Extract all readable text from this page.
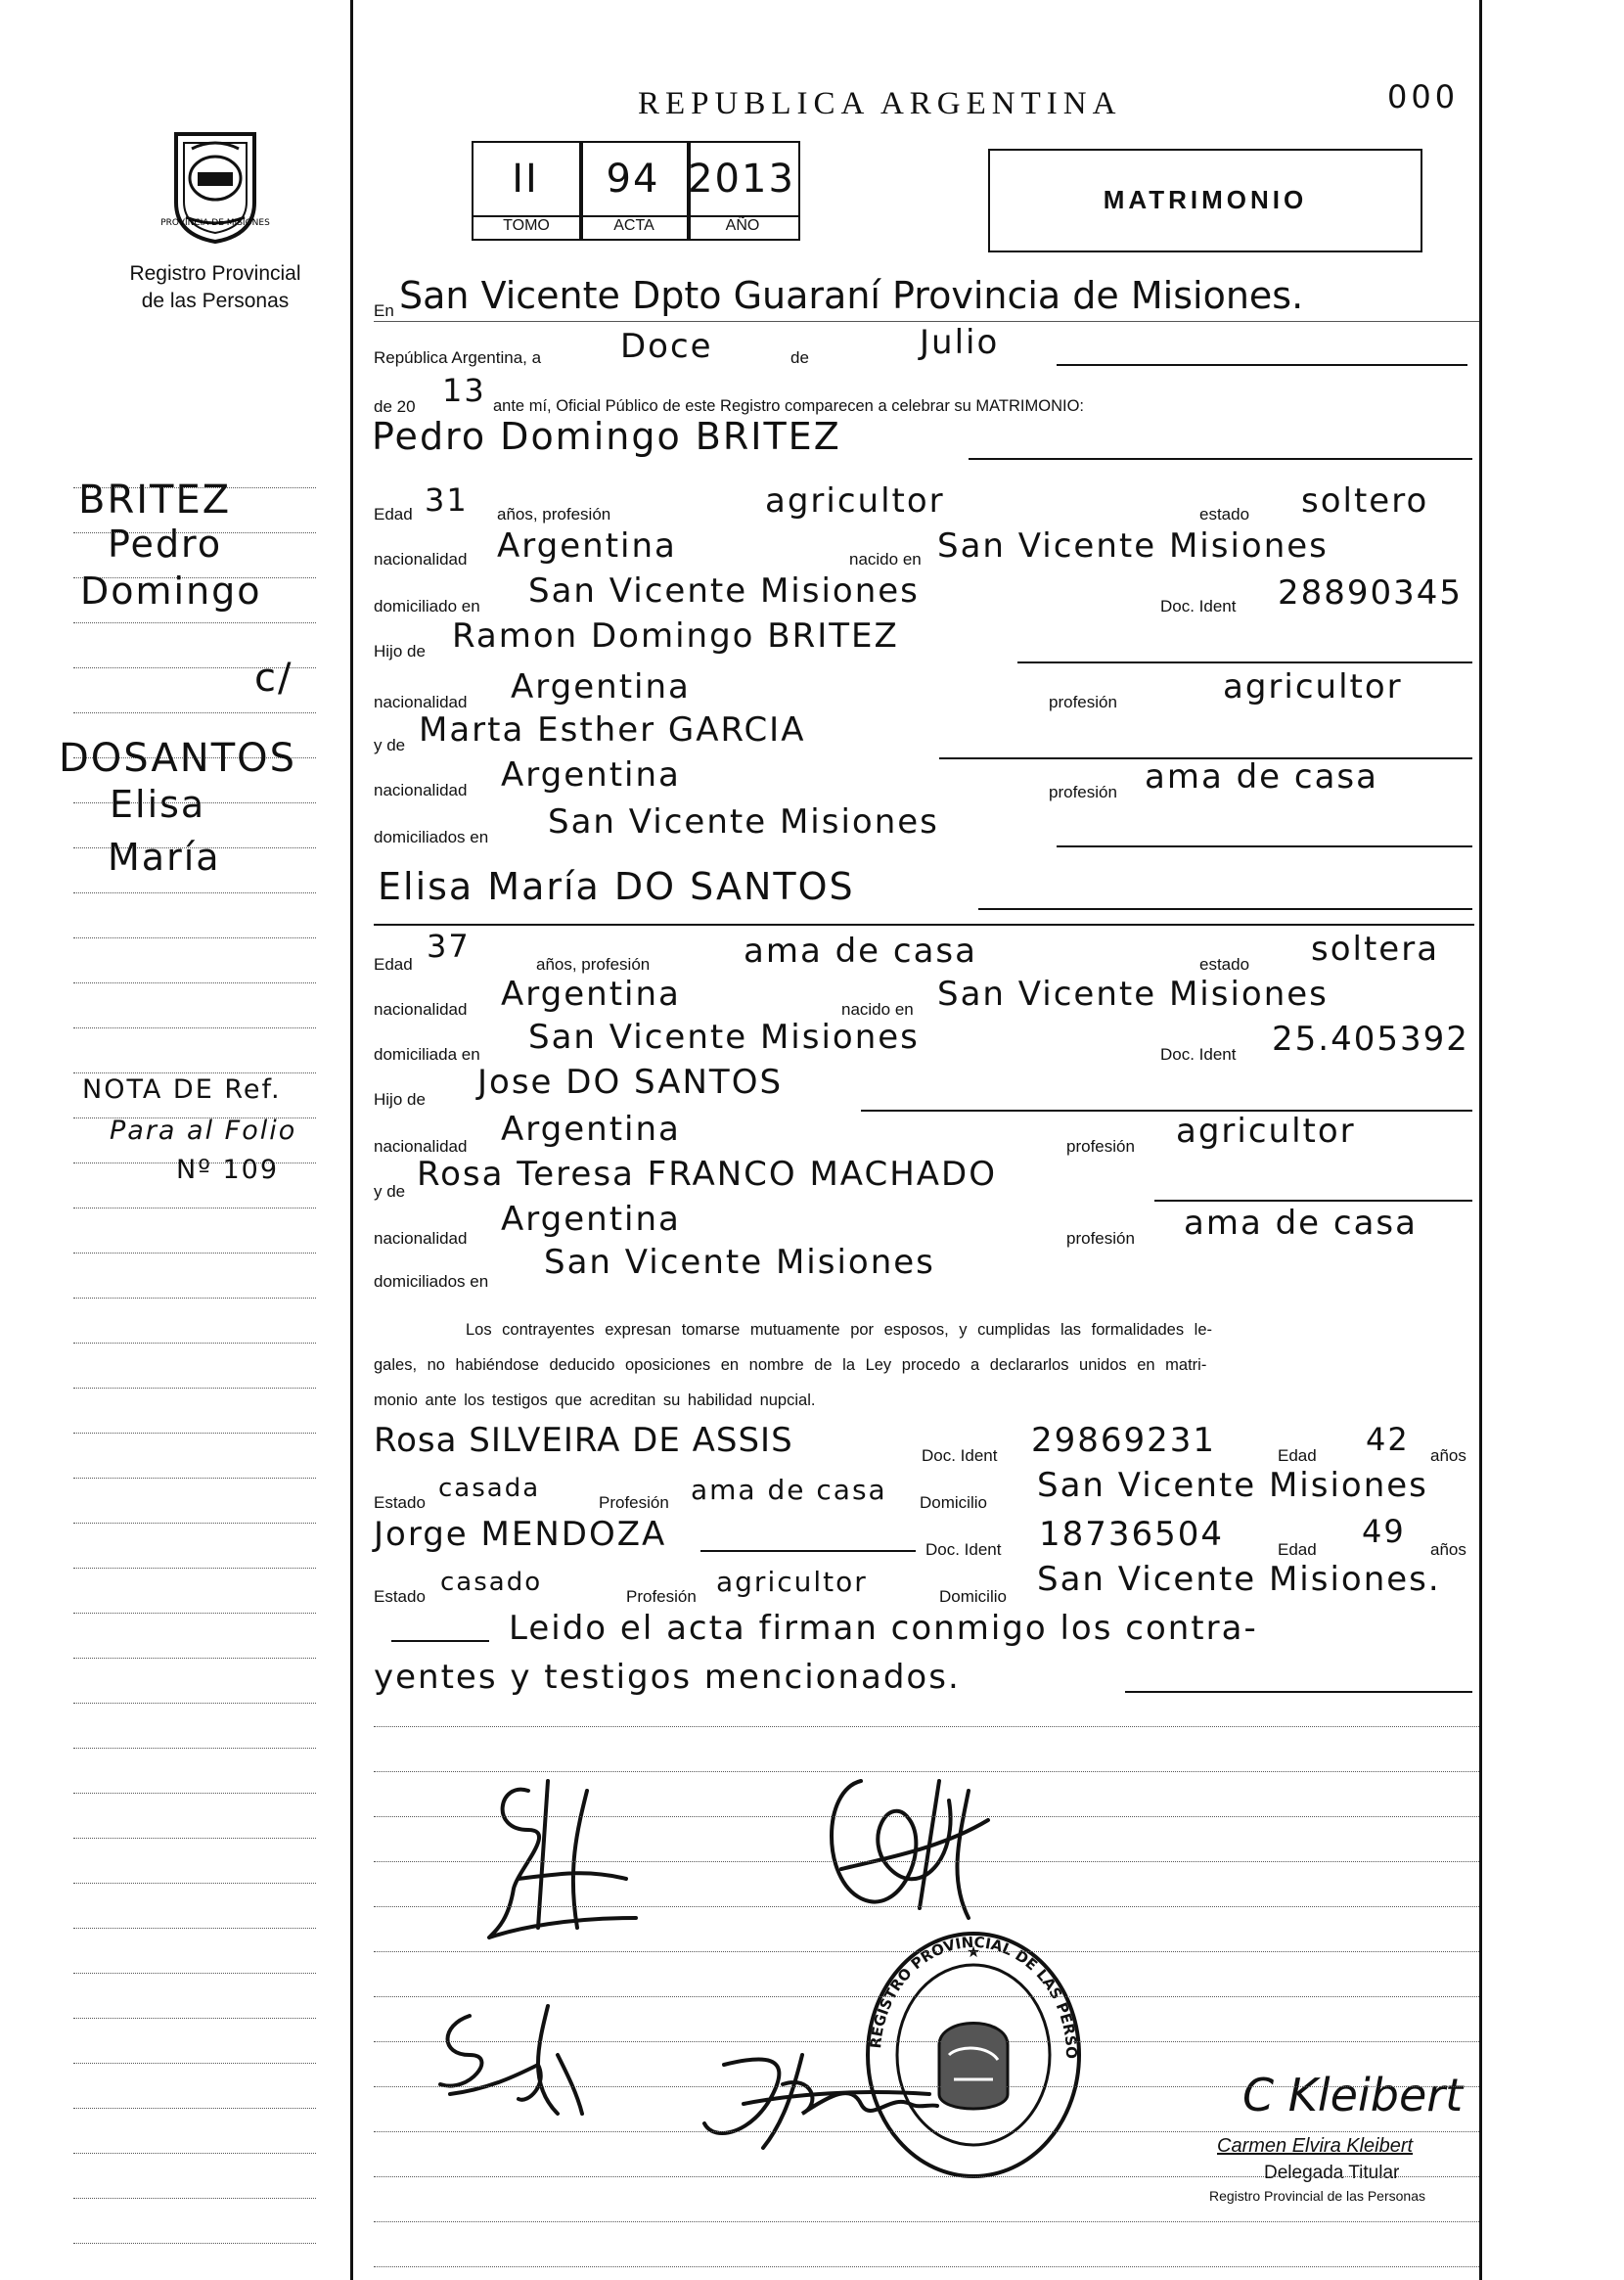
PROVINCIA DE MISIONES
Registro Provincial
de las Personas
REPUBLICA ARGENTINA	000
II	94 2013
TOMO	ACTA	AÑO
MATRIMONIO
BRITEZ
Pedro
Domingo
c/
DOSANTOS
Elisa
María
NOTA DE Ref.
Para al Folio
Nº 109
En San Vicente Dpto Guaraní Provincia de Misiones.
República Argentina, a Doce	de	Julio
de 20 13 ante mí, Oficial Público de este Registro comparecen a celebrar su MATRIMONIO:
Pedro Domingo BRITEZ
Edad 31 años, profesión	agricultor	estado soltero
nacionalidad Argentina	nacido en San Vicente Misiones
domiciliado en San Vicente Misiones	Doc. Ident 28890345
Hijo de Ramon Domingo BRITEZ
nacionalidad Argentina	profesión	agricultor
y de Marta Esther GARCIA
nacionalidad Argentina	profesión ama de casa
domiciliados en San Vicente Misiones
Elisa María DO SANTOS
Edad 37	años, profesión	ama de casa	estado soltera
nacionalidad Argentina	nacido en San Vicente Misiones
domiciliada en San Vicente Misiones	Doc. Ident 25.405392
Hijo de Jose DO SANTOS
nacionalidad Argentina	profesión agricultor
y de Rosa Teresa FRANCO MACHADO
nacionalidad Argentina	profesión ama de casa
domiciliados en San Vicente Misiones
Los contrayentes expresan tomarse mutuamente por esposos, y cumplidas las formalidades le-
gales, no habiéndose deducido oposiciones en nombre de la Ley procedo a declararlos unidos en matri-
monio ante los testigos que acreditan su habilidad nupcial.
Rosa SILVEIRA DE ASSIS	Doc. Ident 29869231	Edad 42 años
Estado casada	Profesión ama de casa Domicilio San Vicente Misiones
Jorge MENDOZA	Doc. Ident 18736504	Edad 49 años
Estado casado	Profesión agricultor	Domicilio San Vicente Misiones.
Leido el acta firman conmigo los contra-
yentes y testigos mencionados.
REGISTRO PROVINCIAL DE LAS PERSO
★
C Kleibert
Carmen Elvira Kleibert
Delegada Titular
Registro Provincial de las Personas
